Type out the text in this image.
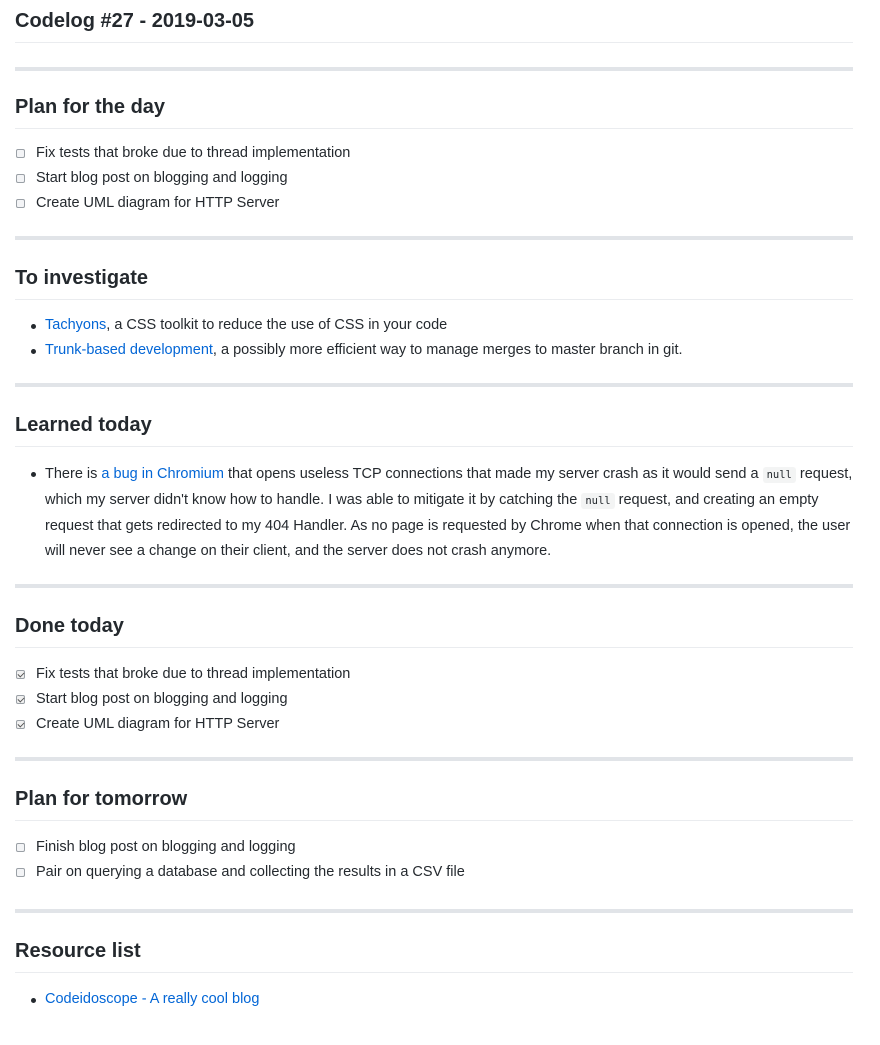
Codelog #27 - 2019-03-05
Plan for the day
Fix tests that broke due to thread implementation
Start blog post on blogging and logging
Create UML diagram for HTTP Server
To investigate
Tachyons, a CSS toolkit to reduce the use of CSS in your code
Trunk-based development, a possibly more efficient way to manage merges to master branch in git.
Learned today
There is a bug in Chromium that opens useless TCP connections that made my server crash as it would send a null request, which my server didn't know how to handle. I was able to mitigate it by catching the null request, and creating an empty request that gets redirected to my 404 Handler. As no page is requested by Chrome when that connection is opened, the user will never see a change on their client, and the server does not crash anymore.
Done today
Fix tests that broke due to thread implementation
Start blog post on blogging and logging
Create UML diagram for HTTP Server
Plan for tomorrow
Finish blog post on blogging and logging
Pair on querying a database and collecting the results in a CSV file
Resource list
Codeidoscope - A really cool blog
